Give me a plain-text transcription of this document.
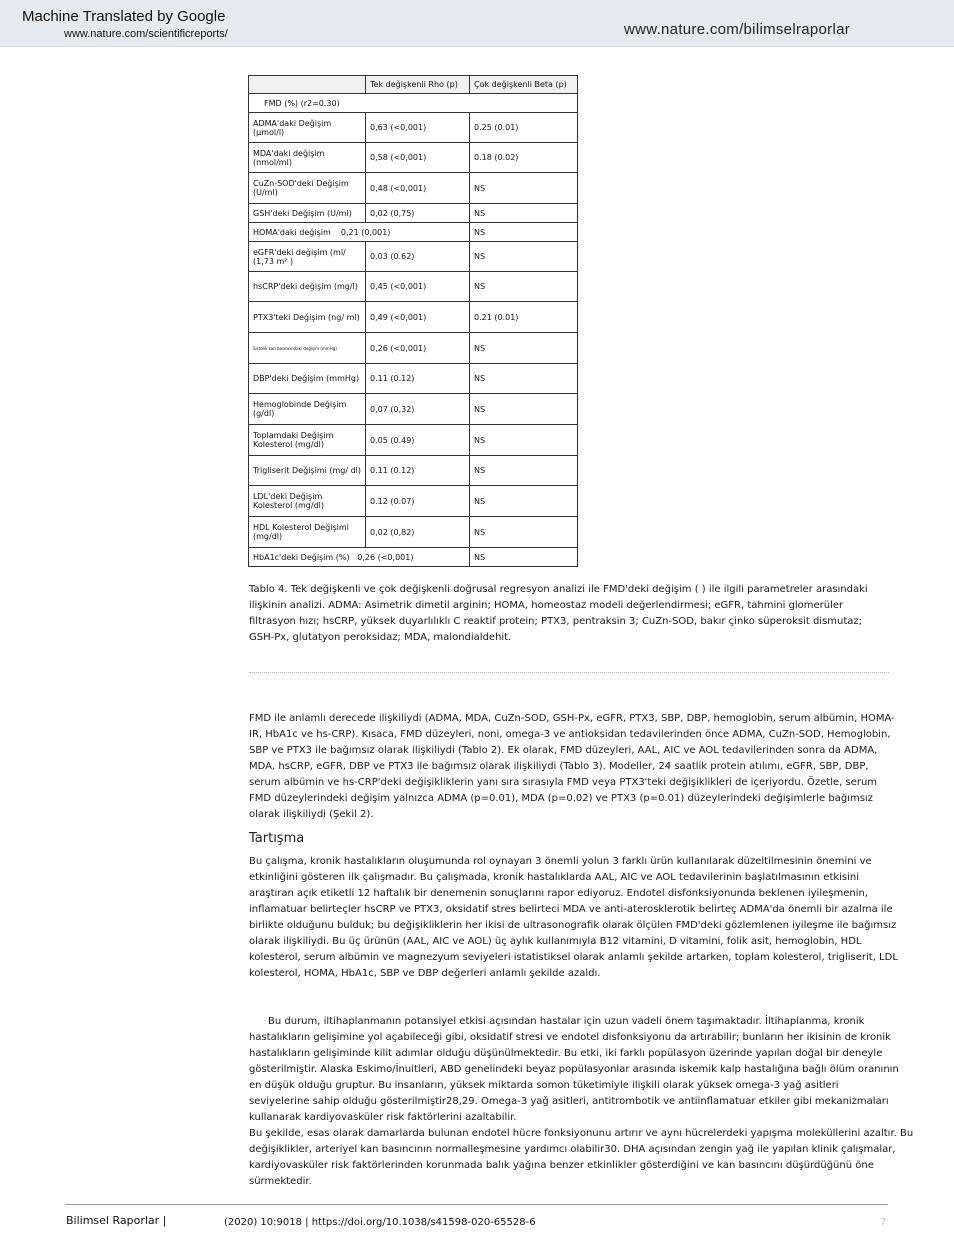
Machine Translated by Google
www.nature.com/scientificreports/	www.nature.com/bilimselraporlar
	Tek değişkenli Rho (p)	Çok değişkenli Beta (p)
FMD (%) (r2=0.30)		
ADMA'daki Değişim (μmol/l)	0,63 (<0,001)	0.25 (0.01)
MDA'daki değişim (nmol/ml)	0,58 (<0,001)	0.18 (0.02)
CuZn-SOD'deki Değişim (U/ml)	0,48 (<0,001)	NS
GSH'deki Değişim (U/ml)	0,02 (0,75)	NS
HOMA'daki değişim 0,21 (0,001)		NS
eGFR'deki değişim (ml/ (1,73 m² )	0.03 (0.62)	NS
hsCRP'deki değişim (mg/l)	0,45 (<0,001)	NS
PTX3'teki Değişim (ng/ ml)	0,49 (<0,001)	0.21 (0.01)

Sistolik kan basıncındaki değişim (mmHg)	0,26 (<0,001)	NS
DBP'deki Değişim (mmHg)	0.11 (0.12)	NS
Hemoglobinde Değişim (g/dl)	0,07 (0,32)	NS
Toplamdaki Değişim Kolesterol (mg/dl)	0.05 (0.49)	NS
Trigliserit Değişimi (mg/ dl)	0.11 (0.12)	NS
LDL'deki Değişim Kolesterol (mg/dl)	0.12 (0.07)	NS
HDL Kolesterol Değişimi (mg/dl)	0,02 (0,82)	NS
HbA1c'deki Değişim (%) 0,26 (<0,001)		NS
Tablo 4. Tek değişkenli ve çok değişkenli doğrusal regresyon analizi ile FMD'deki değişim ( ) ile ilgili parametreler arasındaki ilişkinin analizi. ADMA: Asimetrik dimetil arginin; HOMA, homeostaz modeli değerlendirmesi; eGFR, tahmini glomerüler filtrasyon hızı; hsCRP, yüksek duyarlılıklı C reaktif protein; PTX3, pentraksin 3; CuZn-SOD, bakır çinko süperoksit dismutaz; GSH-Px, glutatyon peroksidaz; MDA, malondialdehit.
FMD ile anlamlı derecede ilişkiliydi (ADMA, MDA, CuZn-SOD, GSH-Px, eGFR, PTX3, SBP, DBP, hemoglobin, serum albümin, HOMA-IR, HbA1c ve hs-CRP). Kısaca, FMD düzeyleri, noni, omega-3 ve antioksidan tedavilerinden önce ADMA, CuZn-SOD, Hemoglobin, SBP ve PTX3 ile bağımsız olarak ilişkiliydi (Tablo 2). Ek olarak, FMD düzeyleri, AAL, AIC ve AOL tedavilerinden sonra da ADMA, MDA, hsCRP, eGFR, DBP ve PTX3 ile bağımsız olarak ilişkiliydi (Tablo 3). Modeller, 24 saatlik protein atılımı, eGFR, SBP, DBP, serum albümin ve hs-CRP'deki değişikliklerin yanı sıra sırasıyla FMD veya PTX3'teki değişiklikleri de içeriyordu. Özetle, serum FMD düzeylerindeki değişim yalnızca ADMA (p=0.01), MDA (p=0.02) ve PTX3 (p=0.01) düzeylerindeki değişimlerle bağımsız olarak ilişkiliydi (Şekil 2).
Tartışma
Bu çalışma, kronik hastalıkların oluşumunda rol oynayan 3 önemli yolun 3 farklı ürün kullanılarak düzeltilmesinin önemini ve etkinliğini gösteren ilk çalışmadır. Bu çalışmada, kronik hastalıklarda AAL, AIC ve AOL tedavilerinin başlatılmasının etkisini araştıran açık etiketli 12 haftalık bir denemenin sonuçlarını rapor ediyoruz. Endotel disfonksiyonunda beklenen iyileşmenin, inflamatuar belirteçler hsCRP ve PTX3, oksidatif stres belirteci MDA ve anti-aterosklerotik belirteç ADMA'da önemli bir azalma ile birlikte olduğunu bulduk; bu değişikliklerin her ikisi de ultrasonografik olarak ölçülen FMD'deki gözlemlenen iyileşme ile bağımsız olarak ilişkiliydi. Bu üç ürünün (AAL, AIC ve AOL) üç aylık kullanımıyla B12 vitamini, D vitamini, folik asit, hemoglobin, HDL kolesterol, serum albümin ve magnezyum seviyeleri istatistiksel olarak anlamlı şekilde artarken, toplam kolesterol, trigliserit, LDL kolesterol, HOMA, HbA1c, SBP ve DBP değerleri anlamlı şekilde azaldı.
Bu durum, iltihaplanmanın potansiyel etkisi açısından hastalar için uzun vadeli önem taşımaktadır. İltihaplanma, kronik hastalıkların gelişimine yol açabileceği gibi, oksidatif stresi ve endotel disfonksiyonu da artırabilir; bunların her ikisinin de kronik hastalıkların gelişiminde kilit adımlar olduğu düşünülmektedir. Bu etki, iki farklı popülasyon üzerinde yapılan doğal bir deneyle gösterilmiştir. Alaska Eskimo/İnuitleri, ABD genelindeki beyaz popülasyonlar arasında iskemik kalp hastalığına bağlı ölüm oranının en düşük olduğu gruptur. Bu insanların, yüksek miktarda somon tüketimiyle ilişkili olarak yüksek omega-3 yağ asitleri seviyelerine sahip olduğu gösterilmiştir28,29. Omega-3 yağ asitleri, antitrombotik ve antiinflamatuar etkiler gibi mekanizmaları kullanarak kardiyovasküler risk faktörlerini azaltabilir.
Bu şekilde, esas olarak damarlarda bulunan endotel hücre fonksiyonunu artırır ve aynı hücrelerdeki yapışma moleküllerini azaltır. Bu değişiklikler, arteriyel kan basıncının normalleşmesine yardımcı olabilir30. DHA açısından zengin yağ ile yapılan klinik çalışmalar, kardiyovasküler risk faktörlerinden korunmada balık yağına benzer etkinlikler gösterdiğini ve kan basıncını düşürdüğünü öne sürmektedir.
Bilimsel Raporlar |	(2020) 10:9018 | https://doi.org/10.1038/s41598-020-65528-6	7
